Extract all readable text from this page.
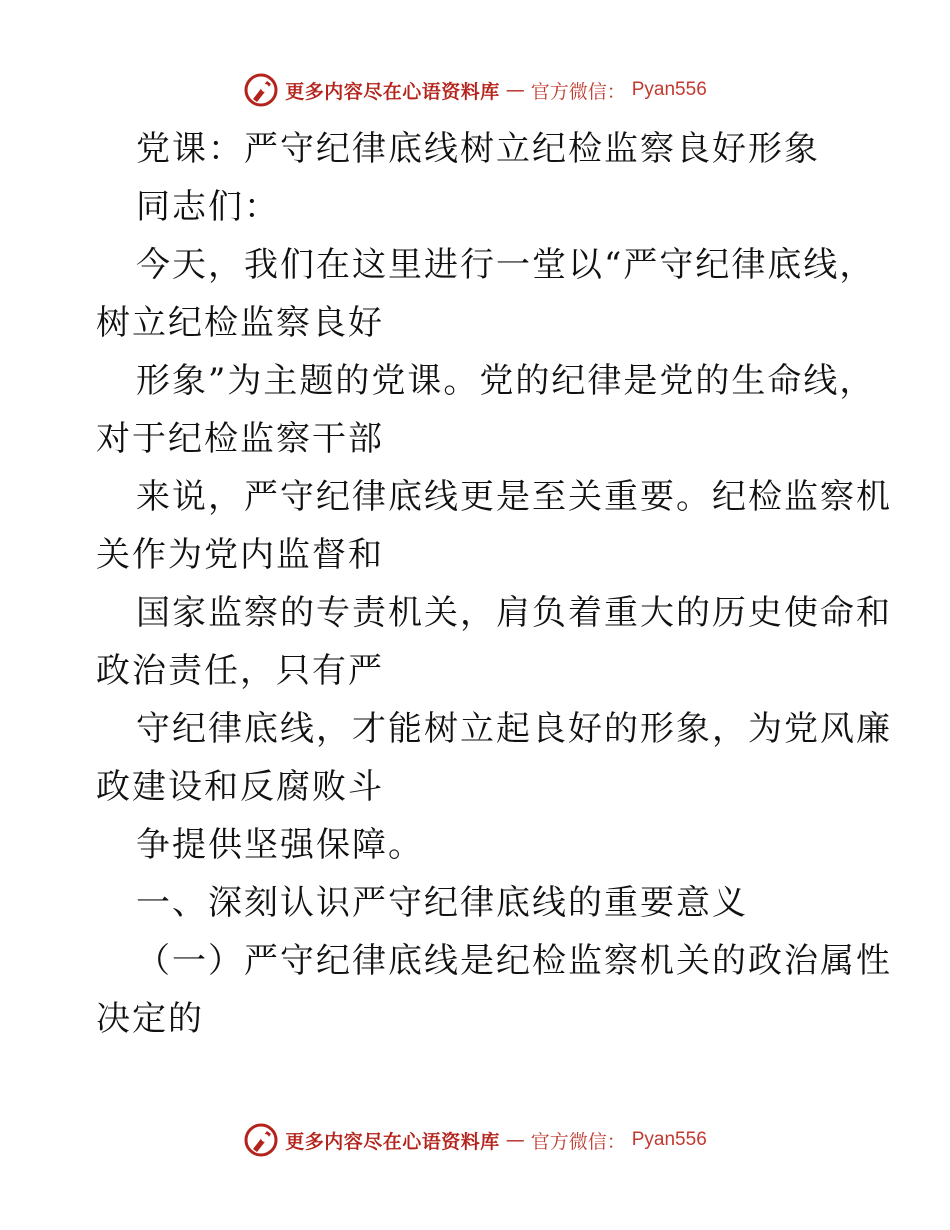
更多内容尽在心语资料库 — 官方微信： Pyan556
党课：严守纪律底线树立纪检监察良好形象
同志们：
今天，我们在这里进行一堂以“严守纪律底线，
树立纪检监察良好
形象”为主题的党课。党的纪律是党的生命线，
对于纪检监察干部
来说，严守纪律底线更是至关重要。纪检监察机
关作为党内监督和
国家监察的专责机关，肩负着重大的历史使命和
政治责任，只有严
守纪律底线，才能树立起良好的形象，为党风廉
政建设和反腐败斗
争提供坚强保障。
一、深刻认识严守纪律底线的重要意义
（一）严守纪律底线是纪检监察机关的政治属性
决定的
更多内容尽在心语资料库 — 官方微信： Pyan556
